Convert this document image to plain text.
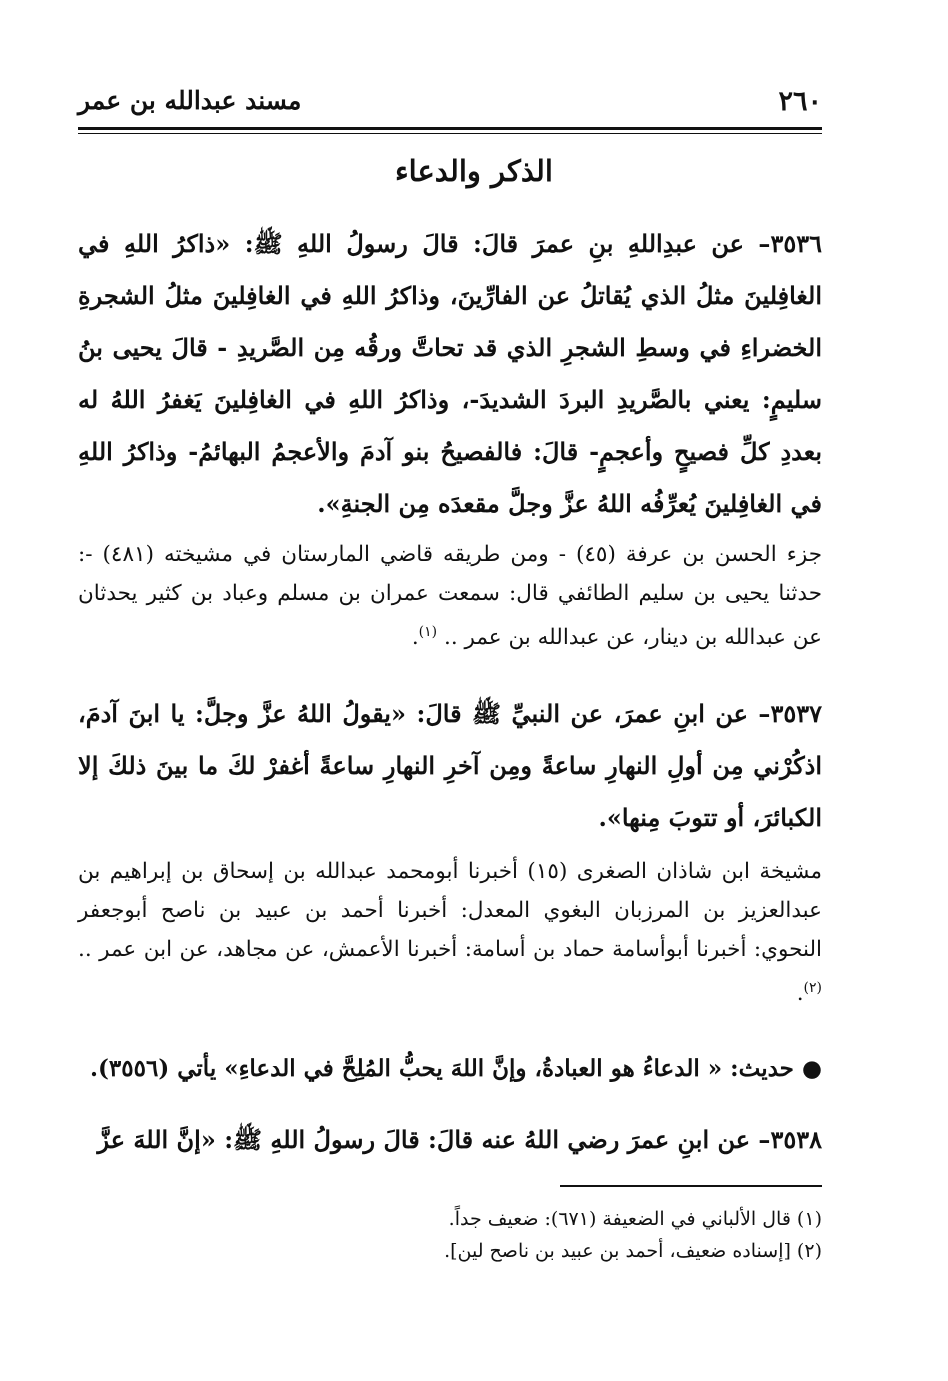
٢٦٠
مسند عبدالله بن عمر
الذكر والدعاء
٣٥٣٦– عن عبدِاللهِ بنِ عمرَ قالَ: قالَ رسولُ اللهِ ﷺ: «ذاكرُ اللهِ في الغافِلينَ مثلُ الذي يُقاتلُ عن الفارِّينَ، وذاكرُ اللهِ في الغافِلينَ مثلُ الشجرةِ الخضراءِ في وسطِ الشجرِ الذي قد تحاتَّ ورقُه مِن الصَّريدِ - قالَ يحيى بنُ سليمٍ: يعني بالصَّريدِ البردَ الشديدَ-، وذاكرُ اللهِ في الغافِلينَ يَغفرُ اللهُ له بعددِ كلِّ فصيحٍ وأعجمٍ- قالَ: فالفصيحُ بنو آدمَ والأعجمُ البهائمُ- وذاكرُ اللهِ في الغافِلينَ يُعرِّفُه اللهُ عزَّ وجلَّ مقعدَه مِن الجنةِ».
جزء الحسن بن عرفة (٤٥) - ومن طريقه قاضي المارستان في مشيخته (٤٨١) -: حدثنا يحيى بن سليم الطائفي قال: سمعت عمران بن مسلم وعباد بن كثير يحدثان عن عبدالله بن دينار، عن عبدالله بن عمر .. $^{(١)}$.
٣٥٣٧– عن ابنِ عمرَ، عن النبيِّ ﷺ قالَ: «يقولُ اللهُ عزَّ وجلَّ: يا ابنَ آدمَ، اذكُرْني مِن أولِ النهارِ ساعةً ومِن آخرِ النهارِ ساعةً أغفرْ لكَ ما بينَ ذلكَ إلا الكبائرَ، أو تتوبَ مِنها».
مشيخة ابن شاذان الصغرى (١٥) أخبرنا أبومحمد عبدالله بن إسحاق بن إبراهيم بن عبدالعزيز بن المرزبان البغوي المعدل: أخبرنا أحمد بن عبيد بن ناصح أبوجعفر النحوي: أخبرنا أبوأسامة حماد بن أسامة: أخبرنا الأعمش، عن مجاهد، عن ابن عمر .. $^{(٢)}$.
● حديث: « الدعاءُ هو العبادةُ، وإنَّ اللهَ يحبُّ المُلِحَّ في الدعاءِ» يأتي (٣٥٥٦).
٣٥٣٨– عن ابنِ عمرَ رضي اللهُ عنه قالَ: قالَ رسولُ اللهِ ﷺ: «إنَّ اللهَ عزَّ
(١) قال الألباني في الضعيفة (٦٧١): ضعيف جداً.
(٢) [إسناده ضعيف، أحمد بن عبيد بن ناصح لين].
